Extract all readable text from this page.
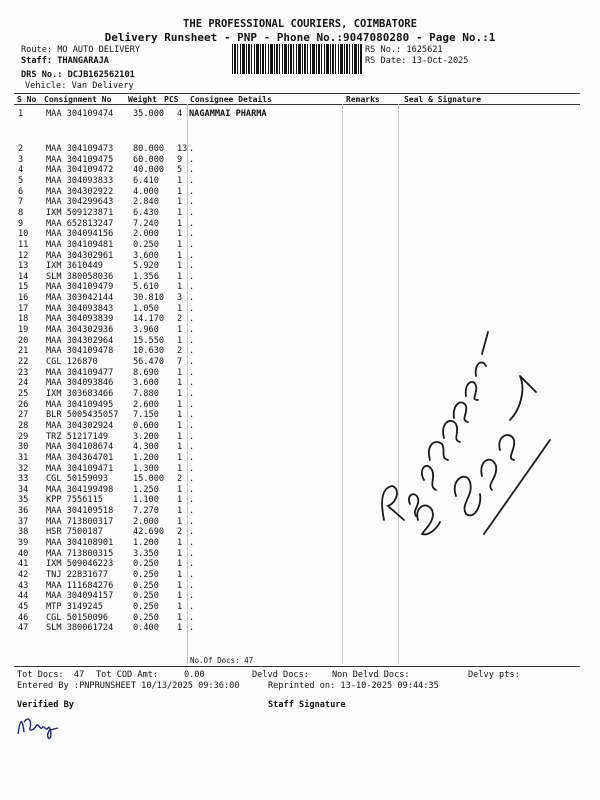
THE PROFESSIONAL COURIERS, COIMBATORE
Delivery Runsheet - PNP - Phone No.:9047080280 - Page No.:1
Route: MO AUTO DELIVERY
Staff: THANGARAJA
DRS No.: DCJB162562101
Vehicle: Van Delivery
RS No.: 1625621
RS Date: 13-Oct-2025
S No Consignment No Weight PCS Consignee Details	Remarks	Seal & Signature
1	MAA 304109474 35.000 4 NAGAMMAI PHARMA
2	MAA 304109473 80.000 13 .
3	MAA 304109475 60.000 9 .
4	MAA 304109472 40.000 5 .
5	MAA 304093833 6.410 1 .
6	MAA 304302922 4.000 1 .
7	MAA 304299643 2.840 1 .
8	IXM 509123871 6.430 1 .
9	MAA 652813247 7.240 1 .
10 MAA 304094156 2.000 1 .
11 MAA 304109481 0.250 1 .
12 MAA 304302961 3.600 1 .
13 IXM 3610449	5.920 1 .
14 SLM 380058036 1.356 1 .
15 MAA 304109479 5.610 1 .
16 MAA 303042144 30.810 3 .
17 MAA 304093843 1.050 1 .
18 MAA 304093839 14.170 2 .
19 MAA 304302936 3.960 1 .
20 MAA 304302964 15.550 1 .
21 MAA 304109478 10.630 2 .
22 CGL 126870	56.470 7 .
23 MAA 304109477 8.690 1 .
24 MAA 304093846 3.600 1 .
25 IXM 303683466 7.880 1 .
26 MAA 304109495 2.600 1 .
27 BLR 5005435057 7.150 1 .
28 MAA 304302924 0.600 1 .
29 TRZ 51217149	3.200 1 .
30 MAA 304108674 4.300 1 .
31 MAA 304364701 1.200 1 .
32 MAA 304109471 1.300 1 .
33 CGL 50159093	15.000 2 .
34 MAA 304199498 1.250 1 .
35 KPP 7556115	1.100 1 .
36 MAA 304109518 7.270 1 .
37 MAA 713800317 2.000 1 .
38 HSR 7500187	42.690 2 .
39 MAA 304108901 1.200 1 .
40 MAA 713800315 3.350 1 .
41 IXM 509046223 0.250 1 .
42 TNJ 22831677	0.250 1 .
43 MAA 111684276 0.250 1 .
44 MAA 304094157 0.250 1 .
45 MTP 3149245	0.250 1 .
46 CGL 50150096	0.250 1 .
47 SLM 380061724 0.400 1 .
No.Of Docs: 47
Tot Docs:  47 Tot COD Amt:     0.00	Delvd Docs:	Non Delvd Docs:	Delvy pts:
Entered By :PNPRUNSHEET 10/13/2025 09:36:00	Reprinted on: 13-10-2025 09:44:35
Verified By	Staff Signature
